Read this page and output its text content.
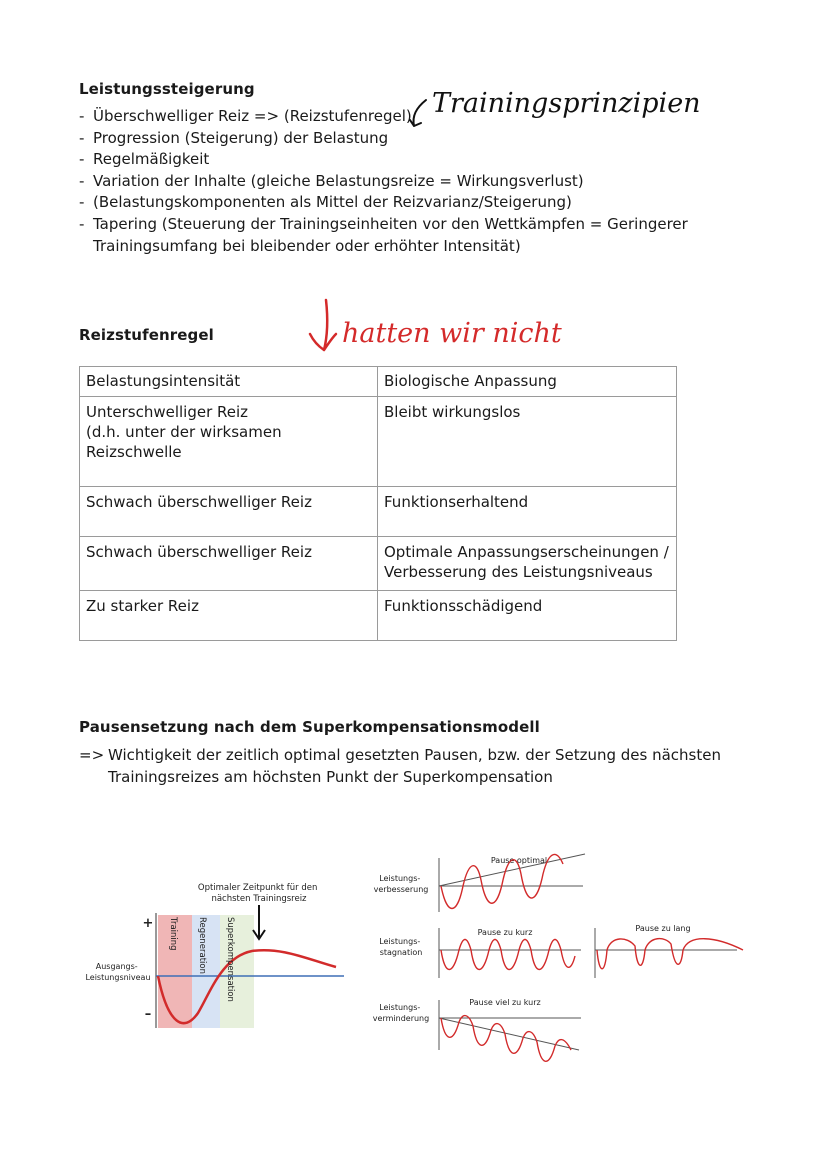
Leistungssteigerung
- Überschwelliger Reiz => (Reizstufenregel)
- Progression (Steigerung) der Belastung
- Regelmäßigkeit
- Variation der Inhalte (gleiche Belastungsreize = Wirkungsverlust)
- (Belastungskomponenten als Mittel der Reizvarianz/Steigerung)
- Tapering (Steuerung der Trainingseinheiten vor den Wettkämpfen = Geringerer Trainingsumfang bei bleibender oder erhöhter Intensität)
Trainingsprinzipien
Reizstufenregel	hatten wir nicht
Belastungsintensität	Biologische Anpassung
Unterschwelliger Reiz
(d.h. unter der wirksamen
Reizschwelle	Bleibt wirkungslos
Schwach überschwelliger Reiz	Funktionserhaltend
Schwach überschwelliger Reiz	Optimale Anpassungserscheinungen /
Verbesserung des Leistungsniveaus
Zu starker Reiz	Funktionsschädigend
Pausensetzung nach dem Superkompensationsmodell
=> Wichtigkeit der zeitlich optimal gesetzten Pausen, bzw. der Setzung des nächsten Trainingsreizes am höchsten Punkt der Superkompensation
Optimaler Zeitpunkt für den nächsten Trainingsreiz
+
–
Ausgangs- Leistungsniveau
Training Regeneration Superkompensation
Leistungs- verbesserung
Pause optimal
Leistungs- stagnation
Pause zu kurz	Pause zu lang
Leistungs- verminderung
Pause viel zu kurz
